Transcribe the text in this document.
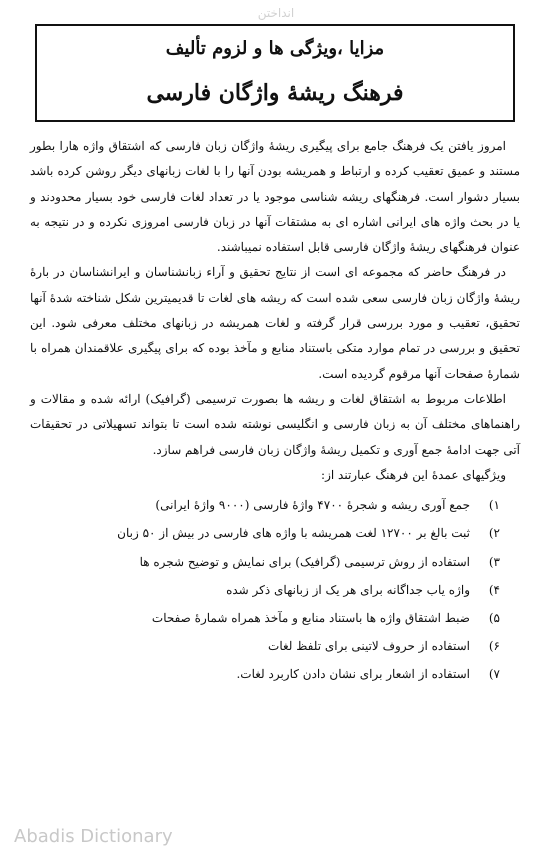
انداختن
مزایا ،ویژگی ها و لزوم تألیف
فرهنگ ریشهٔ واژگان فارسی

امروز یافتن یک فرهنگ جامع برای پیگیری ریشهٔ واژگان زبان فارسی که اشتقاق واژه هارا بطور مستند و عمیق تعقیب کرده و ارتباط و همریشه بودن آنها را با لغات زبانهای دیگر روشن کرده باشد بسیار دشوار است. فرهنگهای ریشه شناسی موجود یا در تعداد لغات فارسی خود بسیار محدودند و یا در بحث واژه های ایرانی اشاره ای به مشتقات آنها در زبان فارسی امروزی نکرده و در نتیجه به عنوان فرهنگهای ریشهٔ واژگان فارسی قابل استفاده نمیباشند.

در فرهنگ حاضر که مجموعه ای است از نتایج تحقیق و آراء زبانشناسان و ایرانشناسان در بارهٔ ریشهٔ واژگان زبان فارسی سعی شده است که ریشه های لغات تا قدیمیترین شکل شناخته شدهٔ آنها تحقیق، تعقیب و مورد بررسی قرار گرفته و لغات همریشه در زبانهای مختلف معرفی شود. این تحقیق و بررسی در تمام موارد متکی باستناد منابع و مآخذ بوده که برای پیگیری علاقمندان همراه با شمارهٔ صفحات آنها مرقوم گردیده است.

اطلاعات مربوط به اشتقاق لغات و ریشه ها بصورت ترسیمی (گرافیک) ارائه شده و مقالات و راهنماهای مختلف آن به زبان فارسی و انگلیسی نوشته شده است تا بتواند تسهیلاتی در تحقیقات آتی جهت ادامهٔ جمع آوری و تکمیل ریشهٔ واژگان زبان فارسی فراهم سازد.

ویژگیهای عمدهٔ این فرهنگ عبارتند از:

۱)
جمع آوری ریشه و شجرهٔ ۴۷۰۰ واژهٔ فارسی (۹۰۰۰ واژهٔ ایرانی)
۲)
ثبت بالغ بر ۱۲۷۰۰ لغت همریشه با واژه های فارسی در بیش از ۵۰ زبان
۳)
استفاده از روش ترسیمی (گرافیک) برای نمایش و توضیح شجره ها
۴)
واژه یاب جداگانه برای هر یک از زبانهای ذکر شده
۵)
ضبط اشتقاق واژه ها باستناد منابع و مآخذ همراه شمارهٔ صفحات
۶)
استفاده از حروف لاتینی برای تلفظ لغات
۷)
استفاده از اشعار برای نشان دادن کاربرد لغات.
Abadis Dictionary
